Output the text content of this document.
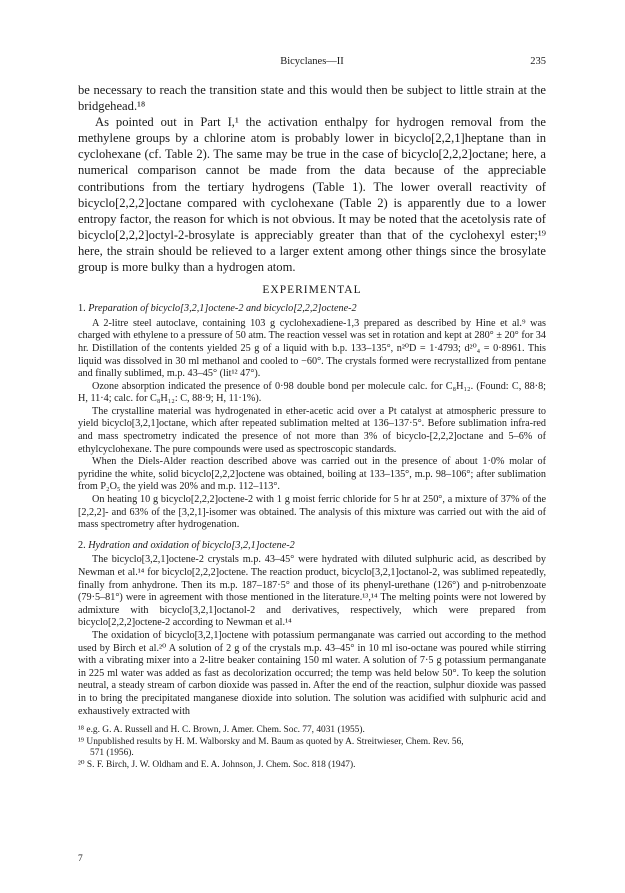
Bicyclanes—II	235

be necessary to reach the transition state and this would then be subject to little strain at the bridgehead.¹⁸

As pointed out in Part I,¹ the activation enthalpy for hydrogen removal from the methylene groups by a chlorine atom is probably lower in bicyclo[2,2,1]heptane than in cyclohexane (cf. Table 2). The same may be true in the case of bicyclo[2,2,2]octane; here, a numerical comparison cannot be made from the data because of the appreciable contributions from the tertiary hydrogens (Table 1). The lower overall reactivity of bicyclo[2,2,2]octane compared with cyclohexane (Table 2) is apparently due to a lower entropy factor, the reason for which is not obvious. It may be noted that the acetolysis rate of bicyclo[2,2,2]octyl-2-brosylate is appreciably greater than that of the cyclohexyl ester;¹⁹ here, the strain should be relieved to a larger extent among other things since the brosylate group is more bulky than a hydrogen atom.

EXPERIMENTAL

1. Preparation of bicyclo[3,2,1]octene-2 and bicyclo[2,2,2]octene-2

A 2-litre steel autoclave, containing 103 g cyclohexadiene-1,3 prepared as described by Hine et al.⁹ was charged with ethylene to a pressure of 50 atm. The reaction vessel was set in rotation and kept at 280° ± 20° for 34 hr. Distillation of the contents yielded 25 g of a liquid with b.p. 133–135°, n²⁰D = 1·4793; d²⁰₄ = 0·8961. This liquid was dissolved in 30 ml methanol and cooled to −60°. The crystals formed were recrystallized from pentane and finally sublimed, m.p. 43–45° (lit¹² 47°).

Ozone absorption indicated the presence of 0·98 double bond per molecule calc. for C₈H₁₂. (Found: C, 88·8; H, 11·4; calc. for C₈H₁₂: C, 88·9; H, 11·1%).

The crystalline material was hydrogenated in ether-acetic acid over a Pt catalyst at atmospheric pressure to yield bicyclo[3,2,1]octane, which after repeated sublimation melted at 136–137·5°. Before sublimation infra-red and mass spectrometry indicated the presence of not more than 3% of bicyclo-[2,2,2]octane and 5–6% of ethylcyclohexane. The pure compounds were used as spectroscopic standards.

When the Diels-Alder reaction described above was carried out in the presence of about 1·0% molar of pyridine the white, solid bicyclo[2,2,2]octene was obtained, boiling at 133–135°, m.p. 98–106°; after sublimation from P₂O₅ the yield was 20% and m.p. 112–113°.

On heating 10 g bicyclo[2,2,2]octene-2 with 1 g moist ferric chloride for 5 hr at 250°, a mixture of 37% of the [2,2,2]- and 63% of the [3,2,1]-isomer was obtained. The analysis of this mixture was carried out with the aid of mass spectrometry after hydrogenation.

2. Hydration and oxidation of bicyclo[3,2,1]octene-2

The bicyclo[3,2,1]octene-2 crystals m.p. 43–45° were hydrated with diluted sulphuric acid, as described by Newman et al.¹⁴ for bicyclo[2,2,2]octene. The reaction product, bicyclo[3,2,1]octanol-2, was sublimed repeatedly, finally from anhydrone. Then its m.p. 187–187·5° and those of its phenyl-urethane (126°) and p-nitrobenzoate (79·5–81°) were in agreement with those mentioned in the literature.¹³,¹⁴ The melting points were not lowered by admixture with bicyclo[3,2,1]octanol-2 and derivatives, respectively, which were prepared from bicyclo[2,2,2]octene-2 according to Newman et al.¹⁴

The oxidation of bicyclo[3,2,1]octene with potassium permanganate was carried out according to the method used by Birch et al.²⁰ A solution of 2 g of the crystals m.p. 43–45° in 10 ml iso-octane was poured while stirring with a vibrating mixer into a 2-litre beaker containing 150 ml water. A solution of 7·5 g potassium permanganate in 225 ml water was added as fast as decolorization occurred; the temp was held below 50°. To keep the solution neutral, a steady stream of carbon dioxide was passed in. After the end of the reaction, sulphur dioxide was passed in to bring the precipitated manganese dioxide into solution. The solution was acidified with sulphuric acid and exhaustively extracted with

¹⁸ e.g. G. A. Russell and H. C. Brown, J. Amer. Chem. Soc. 77, 4031 (1955).

¹⁹ Unpublished results by H. M. Walborsky and M. Baum as quoted by A. Streitwieser, Chem. Rev. 56,

571 (1956).

²⁰ S. F. Birch, J. W. Oldham and E. A. Johnson, J. Chem. Soc. 818 (1947).

7
